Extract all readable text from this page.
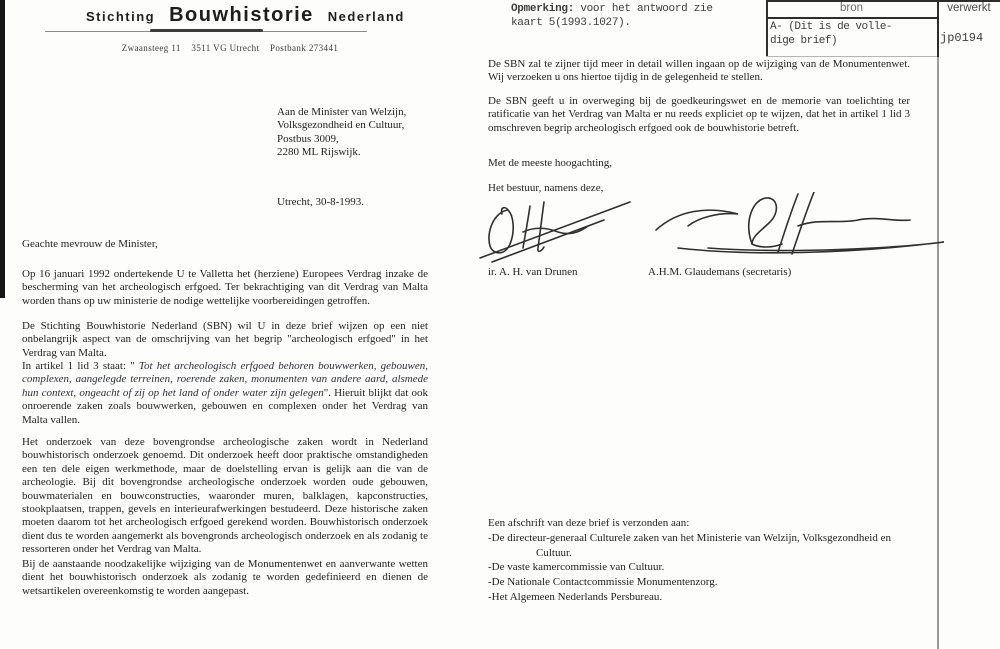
Stichting Bouwhistorie Nederland
Zwaansteeg 11    3511 VG Utrecht    Postbank 273441
Opmerking: voor het antwoord zie
kaart 5(1993.1027).
bron	verwerkt
A- (Dit is de volle-
dige brief)	jp0194
Aan de Minister van Welzijn,
Volksgezondheid en Cultuur,
Postbus 3009,
2280 ML Rijswijk.
Utrecht, 30-8-1993.
Geachte mevrouw de Minister,
Op 16 januari 1992 ondertekende U te Valletta het (herziene) Europees Verdrag inzake de bescherming van het archeologisch erfgoed. Ter bekrachtiging van dit Verdrag van Malta worden thans op uw ministerie de nodige wettelijke voorbereidingen getroffen.
De Stichting Bouwhistorie Nederland (SBN) wil U in deze brief wijzen op een niet onbelangrijk aspect van de omschrijving van het begrip "archeologisch erfgoed" in het Verdrag van Malta.
In artikel 1 lid 3 staat: " Tot het archeologisch erfgoed behoren bouwwerken, gebouwen, complexen, aangelegde terreinen, roerende zaken, monumenten van andere aard, alsmede hun context, ongeacht of zij op het land of onder water zijn gelegen". Hieruit blijkt dat ook onroerende zaken zoals bouwwerken, gebouwen en complexen onder het Verdrag van Malta vallen.
Het onderzoek van deze bovengrondse archeologische zaken wordt in Nederland bouwhistorisch onderzoek genoemd. Dit onderzoek heeft door praktische omstandigheden een ten dele eigen werkmethode, maar de doelstelling ervan is gelijk aan die van de archeologie. Bij dit bovengrondse archeologische onderzoek worden oude gebouwen, bouwmaterialen en bouwconstructies, waaronder muren, balklagen, kapconstructies, stookplaatsen, trappen, gevels en interieurafwerkingen bestudeerd. Deze historische zaken moeten daarom tot het archeologisch erfgoed gerekend worden. Bouwhistorisch onderzoek dient dus te worden aangemerkt als bovengronds archeologisch onderzoek en als zodanig te ressorteren onder het Verdrag van Malta.
Bij de aanstaande noodzakelijke wijziging van de Monumentenwet en aanverwante wetten dient het bouwhistorisch onderzoek als zodanig te worden gedefinieerd en dienen de wetsartikelen overeenkomstig te worden aangepast.
De SBN zal te zijner tijd meer in detail willen ingaan op de wijziging van de Monumentenwet. Wij verzoeken u ons hiertoe tijdig in de gelegenheid te stellen.
De SBN geeft u in overweging bij de goedkeuringswet en de memorie van toelichting ter ratificatie van het Verdrag van Malta er nu reeds expliciet op te wijzen, dat het in artikel 1 lid 3 omschreven begrip archeologisch erfgoed ook de bouwhistorie betreft.
Met de meeste hoogachting,
Het bestuur, namens deze,
ir. A. H. van Drunen	A.H.M. Glaudemans (secretaris)
Een afschrift van deze brief is verzonden aan:
-De directeur-generaal Culturele zaken van het Ministerie van Welzijn, Volksgezondheid en Cultuur.
-De vaste kamercommissie van Cultuur.
-De Nationale Contactcommissie Monumentenzorg.
-Het Algemeen Nederlands Persbureau.
